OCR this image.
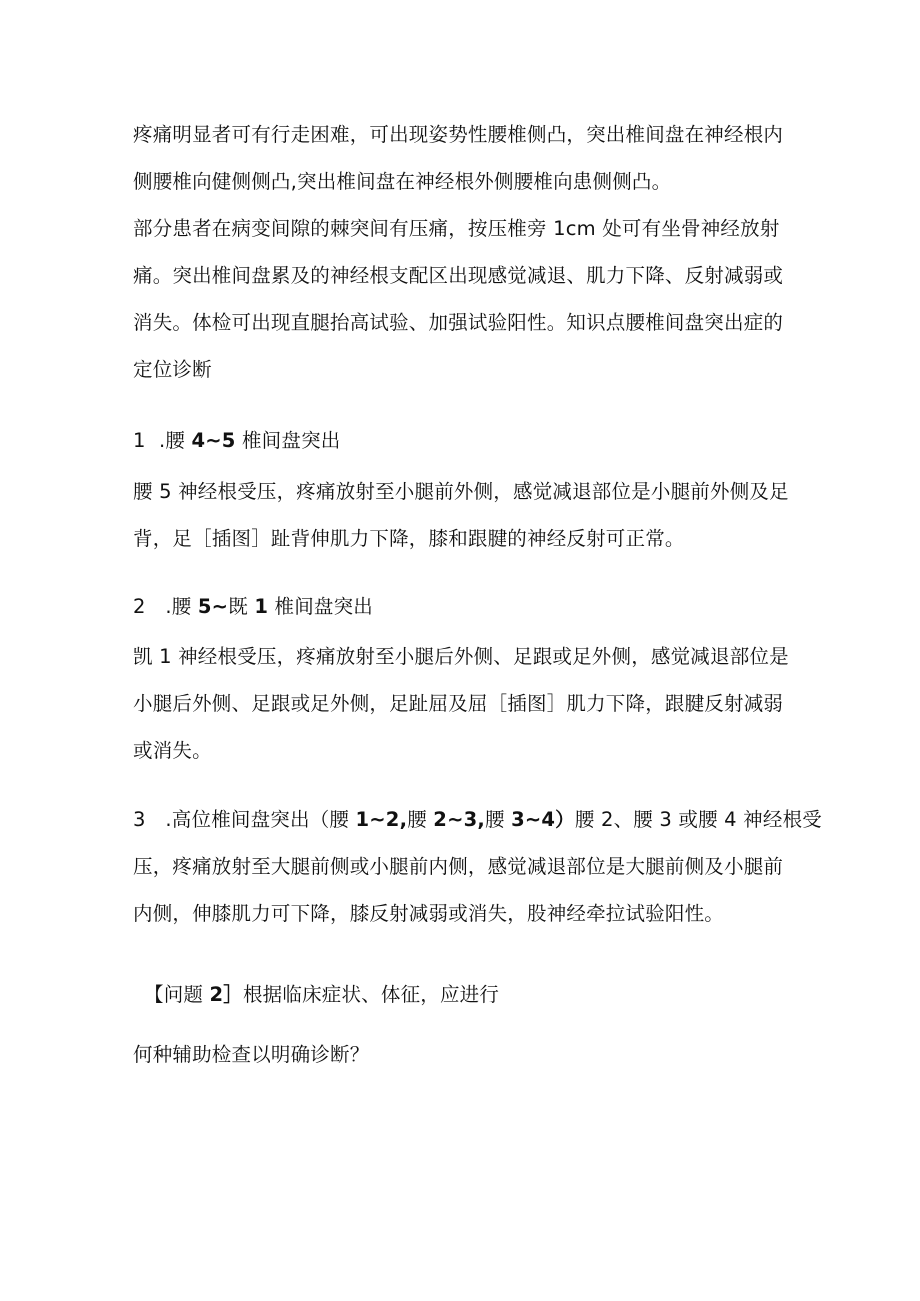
疼痛明显者可有行走困难，可出现姿势性腰椎侧凸，突出椎间盘在神经根内
侧腰椎向健侧侧凸,突出椎间盘在神经根外侧腰椎向患侧侧凸。
部分患者在病变间隙的棘突间有压痛，按压椎旁 1cm 处可有坐骨神经放射
痛。突出椎间盘累及的神经根支配区出现感觉减退、肌力下降、反射减弱或
消失。体检可出现直腿抬高试验、加强试验阳性。知识点腰椎间盘突出症的
定位诊断
1 .腰 4~5 椎间盘突出
腰 5 神经根受压，疼痛放射至小腿前外侧，感觉减退部位是小腿前外侧及足
背，足［插图］趾背伸肌力下降，膝和跟腱的神经反射可正常。
2 .腰 5~既 1 椎间盘突出
凯 1 神经根受压，疼痛放射至小腿后外侧、足跟或足外侧，感觉减退部位是
小腿后外侧、足跟或足外侧，足趾屈及屈［插图］肌力下降，跟腱反射减弱
或消失。
3 .高位椎间盘突出（腰 1~2,腰 2~3,腰 3~4）腰 2、腰 3 或腰 4 神经根受
压，疼痛放射至大腿前侧或小腿前内侧，感觉减退部位是大腿前侧及小腿前
内侧，伸膝肌力可下降，膝反射减弱或消失，股神经牵拉试验阳性。
【问题 2］根据临床症状、体征，应进行
何种辅助检查以明确诊断？
